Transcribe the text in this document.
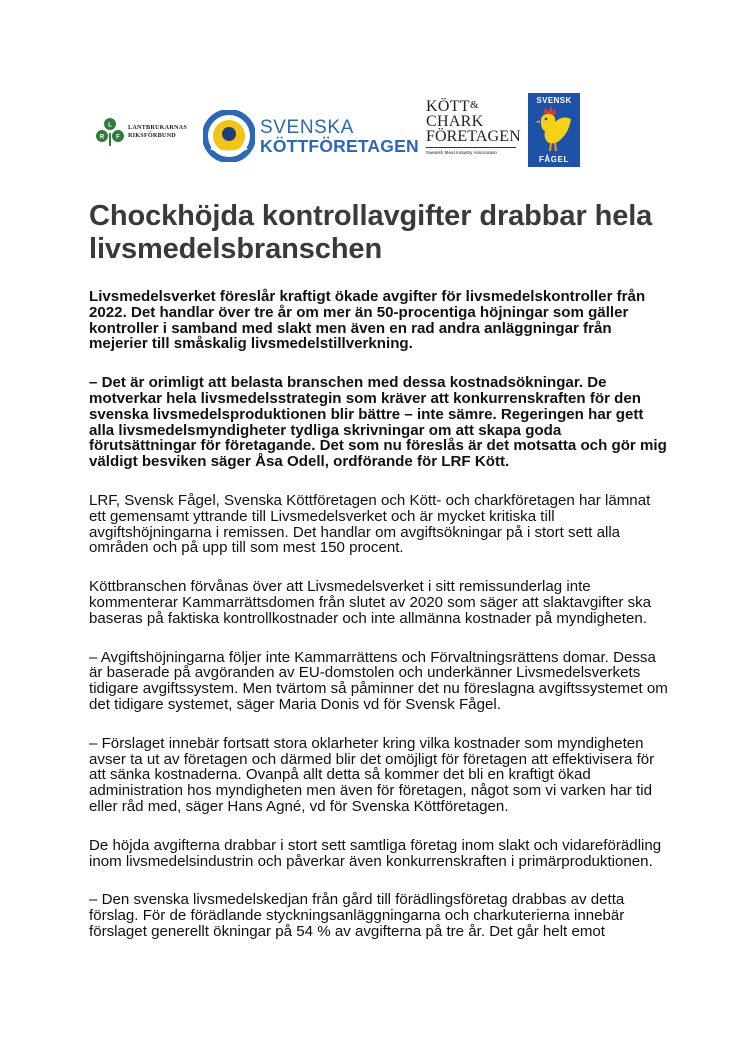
L
R F
LANTBRUKARNAS
RIKSFÖRBUND	SVENSKA
KÖTTFÖRETAGEN
KÖTT &
CHARK
FÖRETAGEN
Swedish Meat Industry Association
SVENSK
FÅGEL
Chockhöjda kontrollavgifter drabbar hela livsmedelsbranschen

Livsmedelsverket föreslår kraftigt ökade avgifter för livsmedelskontroller från 2022. Det handlar över tre år om mer än 50-procentiga höjningar som gäller kontroller i samband med slakt men även en rad andra anläggningar från mejerier till småskalig livsmedelstillverkning.

– Det är orimligt att belasta branschen med dessa kostnadsökningar. De motverkar hela livsmedelsstrategin som kräver att konkurrenskraften för den svenska livsmedelsproduktionen blir bättre – inte sämre. Regeringen har gett alla livsmedelsmyndigheter tydliga skrivningar om att skapa goda förutsättningar för företagande. Det som nu föreslås är det motsatta och gör mig väldigt besviken säger Åsa Odell, ordförande för LRF Kött.

LRF, Svensk Fågel, Svenska Köttföretagen och Kött- och charkföretagen har lämnat ett gemensamt yttrande till Livsmedelsverket och är mycket kritiska till avgiftshöjningarna i remissen. Det handlar om avgiftsökningar på i stort sett alla områden och på upp till som mest 150 procent.

Köttbranschen förvånas över att Livsmedelsverket i sitt remissunderlag inte kommenterar Kammarrättsdomen från slutet av 2020 som säger att slaktavgifter ska baseras på faktiska kontrollkostnader och inte allmänna kostnader på myndigheten.

– Avgiftshöjningarna följer inte Kammarrättens och Förvaltningsrättens domar. Dessa är baserade på avgöranden av EU-domstolen och underkänner Livsmedelsverkets tidigare avgiftssystem. Men tvärtom så påminner det nu föreslagna avgiftssystemet om det tidigare systemet, säger Maria Donis vd för Svensk Fågel.

– Förslaget innebär fortsatt stora oklarheter kring vilka kostnader som myndigheten avser ta ut av företagen och därmed blir det omöjligt för företagen att effektivisera för att sänka kostnaderna. Ovanpå allt detta så kommer det bli en kraftigt ökad administration hos myndigheten men även för företagen, något som vi varken har tid eller råd med, säger Hans Agné, vd för Svenska Köttföretagen.

De höjda avgifterna drabbar i stort sett samtliga företag inom slakt och vidareförädling inom livsmedelsindustrin och påverkar även konkurrenskraften i primärproduktionen.

– Den svenska livsmedelskedjan från gård till förädlingsföretag drabbas av detta förslag. För de förädlande styckningsanläggningarna och charkuterierna innebär förslaget generellt ökningar på 54 % av avgifterna på tre år. Det går helt emot
